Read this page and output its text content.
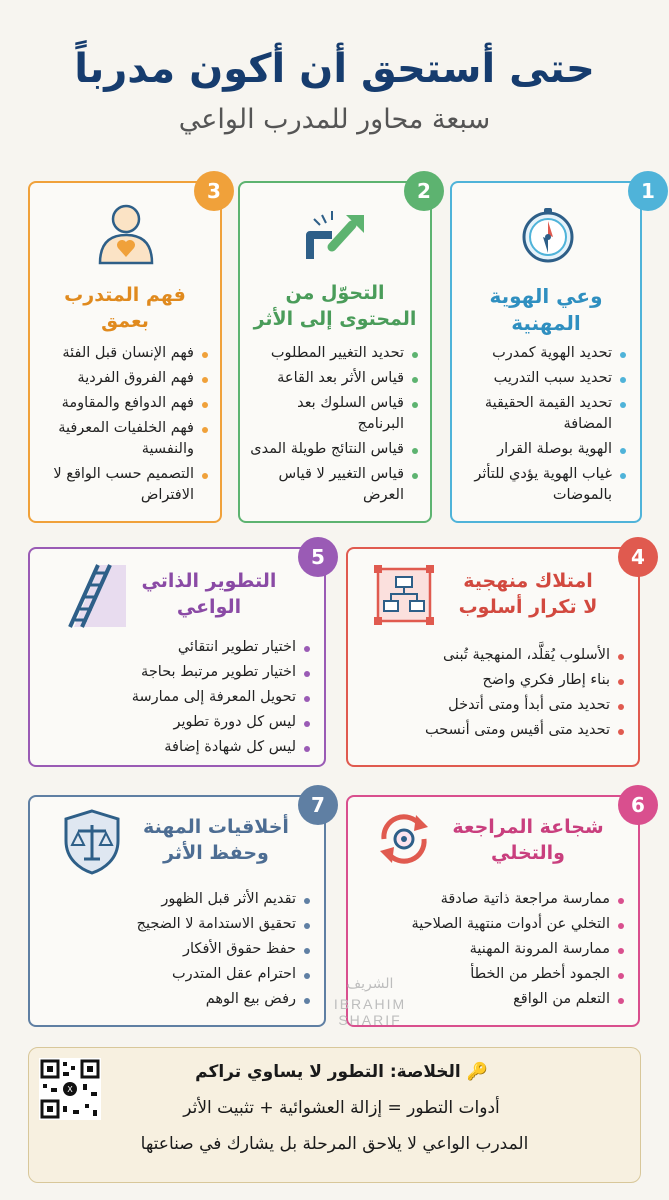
حتى أستحق أن أكون مدرباً
سبعة محاور للمدرب الواعي
1
وعي الهوية
المهنية
تحديد الهوية كمدرب
تحديد سبب التدريب
تحديد القيمة الحقيقية المضافة
الهوية بوصلة القرار
غياب الهوية يؤدي للتأثر بالموضات
2
التحوّل من
المحتوى إلى الأثر
تحديد التغيير المطلوب
قياس الأثر بعد القاعة
قياس السلوك بعد البرنامج
قياس النتائج طويلة المدى
قياس التغيير لا قياس العرض
3
فهم المتدرب
بعمق
فهم الإنسان قبل الفئة
فهم الفروق الفردية
فهم الدوافع والمقاومة
فهم الخلفيات المعرفية والنفسية
التصميم حسب الواقع لا الافتراض
4
امتلاك منهجية
لا تكرار أسلوب
الأسلوب يُقلَّد، المنهجية تُبنى
بناء إطار فكري واضح
تحديد متى أبدأ ومتى أتدخل
تحديد متى أقيس ومتى أنسحب
5
التطوير الذاتي
الواعي
اختيار تطوير انتقائي
اختيار تطوير مرتبط بحاجة
تحويل المعرفة إلى ممارسة
ليس كل دورة تطوير
ليس كل شهادة إضافة
6
شجاعة المراجعة
والتخلي
ممارسة مراجعة ذاتية صادقة
التخلي عن أدوات منتهية الصلاحية
ممارسة المرونة المهنية
الجمود أخطر من الخطأ
التعلم من الواقع
7
أخلاقيات المهنة
وحفظ الأثر
تقديم الأثر قبل الظهور
تحقيق الاستدامة لا الضجيج
حفظ حقوق الأفكار
احترام عقل المتدرب
رفض بيع الوهم
الشريف
IBRAHIM SHARIF
X
🔑 الخلاصة: التطور لا يساوي تراكم
أدوات التطور = إزالة العشوائية + تثبيت الأثر
المدرب الواعي لا يلاحق المرحلة بل يشارك في صناعتها
